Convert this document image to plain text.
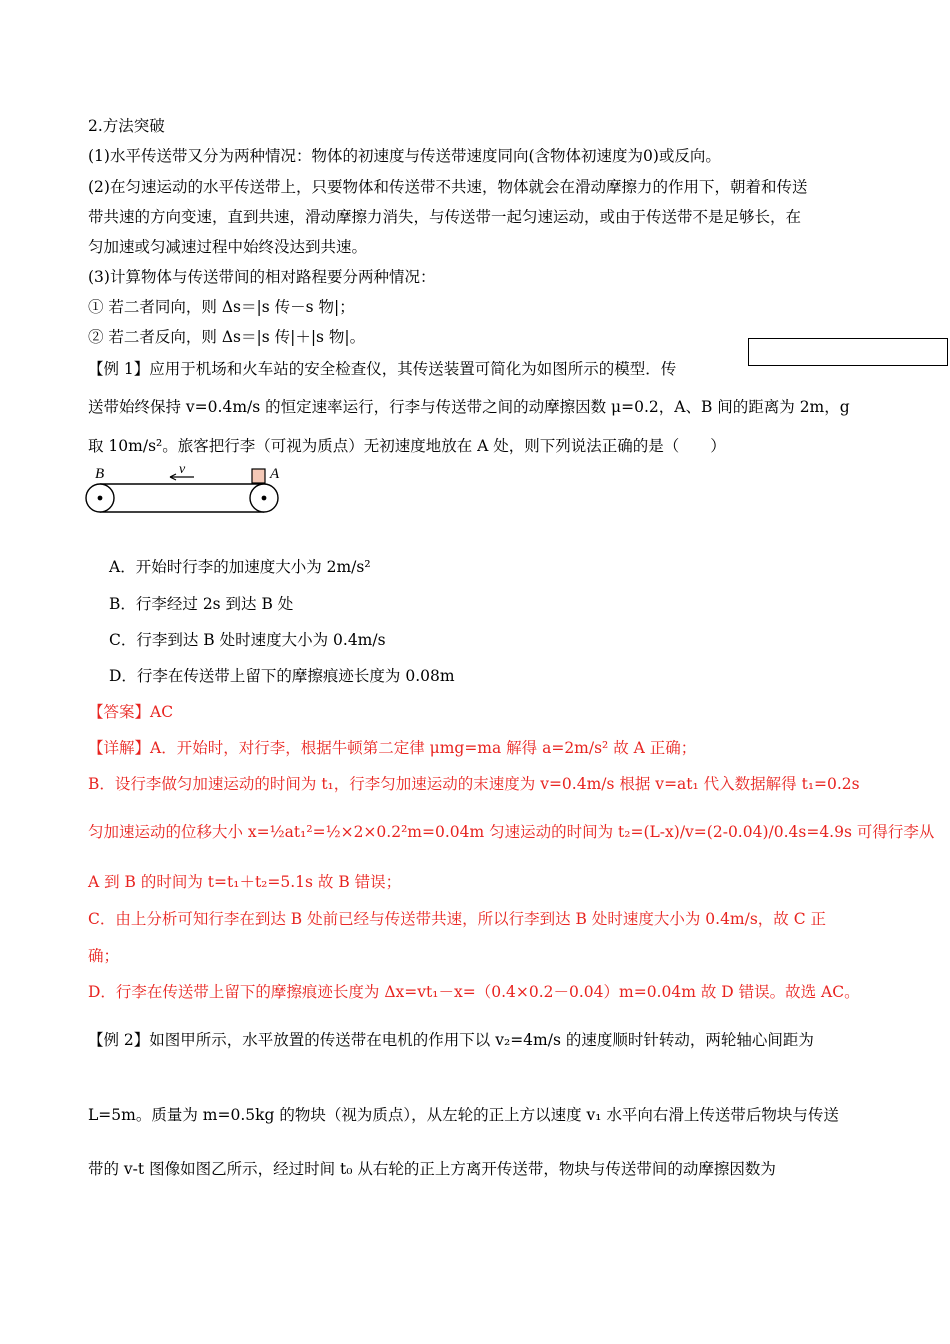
2.方法突破
(1)水平传送带又分为两种情况：物体的初速度与传送带速度同向(含物体初速度为0)或反向。
(2)在匀速运动的水平传送带上，只要物体和传送带不共速，物体就会在滑动摩擦力的作用下，朝着和传送
带共速的方向变速，直到共速，滑动摩擦力消失，与传送带一起匀速运动，或由于传送带不是足够长，在
匀加速或匀减速过程中始终没达到共速。
(3)计算物体与传送带间的相对路程要分两种情况：
① 若二者同向，则 Δs＝|s 传－s 物|；
② 若二者反向，则 Δs＝|s 传|＋|s 物|。
【例 1】应用于机场和火车站的安全检查仪，其传送装置可简化为如图所示的模型．传
送带始终保持 v=0.4m/s 的恒定速率运行，行李与传送带之间的动摩擦因数 μ=0.2，A、B 间的距离为 2m，g
取 10m/s²。旅客把行李（可视为质点）无初速度地放在 A 处，则下列说法正确的是（　　）
B	v	A
A．开始时行李的加速度大小为 2m/s²
B．行李经过 2s 到达 B 处
C．行李到达 B 处时速度大小为 0.4m/s
D．行李在传送带上留下的摩擦痕迹长度为 0.08m
【答案】AC
【详解】A．开始时，对行李，根据牛顿第二定律 μmg=ma 解得 a=2m/s² 故 A 正确；
B．设行李做匀加速运动的时间为 t₁，行李匀加速运动的末速度为 v=0.4m/s 根据 v=at₁ 代入数据解得 t₁=0.2s
匀加速运动的位移大小 x=½at₁²=½×2×0.2²m=0.04m 匀速运动的时间为 t₂=(L-x)/v=(2-0.04)/0.4s=4.9s 可得行李从
A 到 B 的时间为 t=t₁＋t₂=5.1s 故 B 错误；
C．由上分析可知行李在到达 B 处前已经与传送带共速，所以行李到达 B 处时速度大小为 0.4m/s，故 C 正
确；
D．行李在传送带上留下的摩擦痕迹长度为 Δx=vt₁－x=（0.4×0.2－0.04）m=0.04m 故 D 错误。故选 AC。
【例 2】如图甲所示，水平放置的传送带在电机的作用下以 v₂=4m/s 的速度顺时针转动，两轮轴心间距为
L=5m。质量为 m=0.5kg 的物块（视为质点），从左轮的正上方以速度 v₁ 水平向右滑上传送带后物块与传送
带的 v-t 图像如图乙所示，经过时间 t₀ 从右轮的正上方离开传送带，物块与传送带间的动摩擦因数为
